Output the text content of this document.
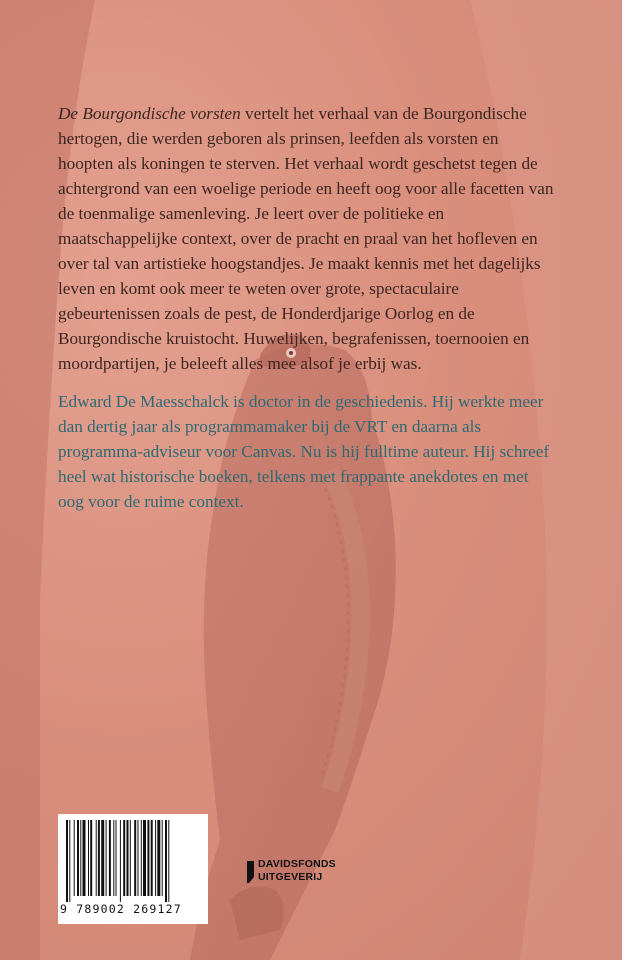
De Bourgondische vorsten vertelt het verhaal van de Bourgondische hertogen, die werden geboren als prinsen, leefden als vorsten en hoopten als koningen te sterven. Het verhaal wordt geschetst tegen de achtergrond van een woelige periode en heeft oog voor alle facetten van de toenmalige samenleving. Je leert over de politieke en maatschappelijke context, over de pracht en praal van het hofleven en over tal van artistieke hoogstandjes. Je maakt kennis met het dagelijks leven en komt ook meer te weten over grote, spectaculaire gebeurtenissen zoals de pest, de Honderdjarige Oorlog en de Bourgondische kruistocht. Huwelijken, begrafenissen, toernooien en moordpartijen, je beleeft alles mee alsof je erbij was.

Edward De Maesschalck is doctor in de geschiedenis. Hij werkte meer dan dertig jaar als programmamaker bij de VRT en daarna als programma-adviseur voor Canvas. Nu is hij fulltime auteur. Hij schreef heel wat historische boeken, telkens met frappante anekdotes en met oog voor de ruime context.

9 789002 269127
DAVIDSFONDS
UITGEVERIJ
